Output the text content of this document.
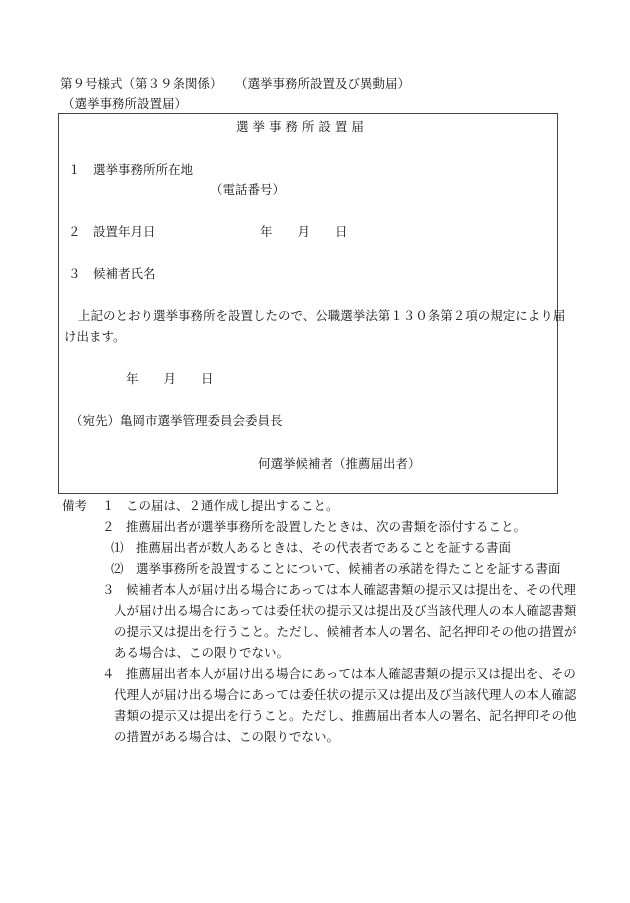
第９号様式（第３９条関係） （選挙事務所設置及び異動届）
（選挙事務所設置届）
選 挙 事 務 所 設 置 届
１　選挙事務所所在地
（電話番号）
２　設置年月日	年　　月　　日
３　候補者氏名
上記のとおり選挙事務所を設置したので、公職選挙法第１３０条第２項の規定により届
け出ます。
年　　月　　日
（宛先）亀岡市選挙管理委員会委員長
何選挙候補者（推薦届出者）
備考 １ この届は、２通作成し提出すること。
２ 推薦届出者が選挙事務所を設置したときは、次の書類を添付すること。
⑴ 推薦届出者が数人あるときは、その代表者であることを証する書面
⑵ 選挙事務所を設置することについて、候補者の承諾を得たことを証する書面
３ 候補者本人が届け出る場合にあっては本人確認書類の提示又は提出を、その代理
人が届け出る場合にあっては委任状の提示又は提出及び当該代理人の本人確認書類
の提示又は提出を行うこと。ただし、候補者本人の署名、記名押印その他の措置が
ある場合は、この限りでない。
４ 推薦届出者本人が届け出る場合にあっては本人確認書類の提示又は提出を、その
代理人が届け出る場合にあっては委任状の提示又は提出及び当該代理人の本人確認
書類の提示又は提出を行うこと。ただし、推薦届出者本人の署名、記名押印その他
の措置がある場合は、この限りでない。
